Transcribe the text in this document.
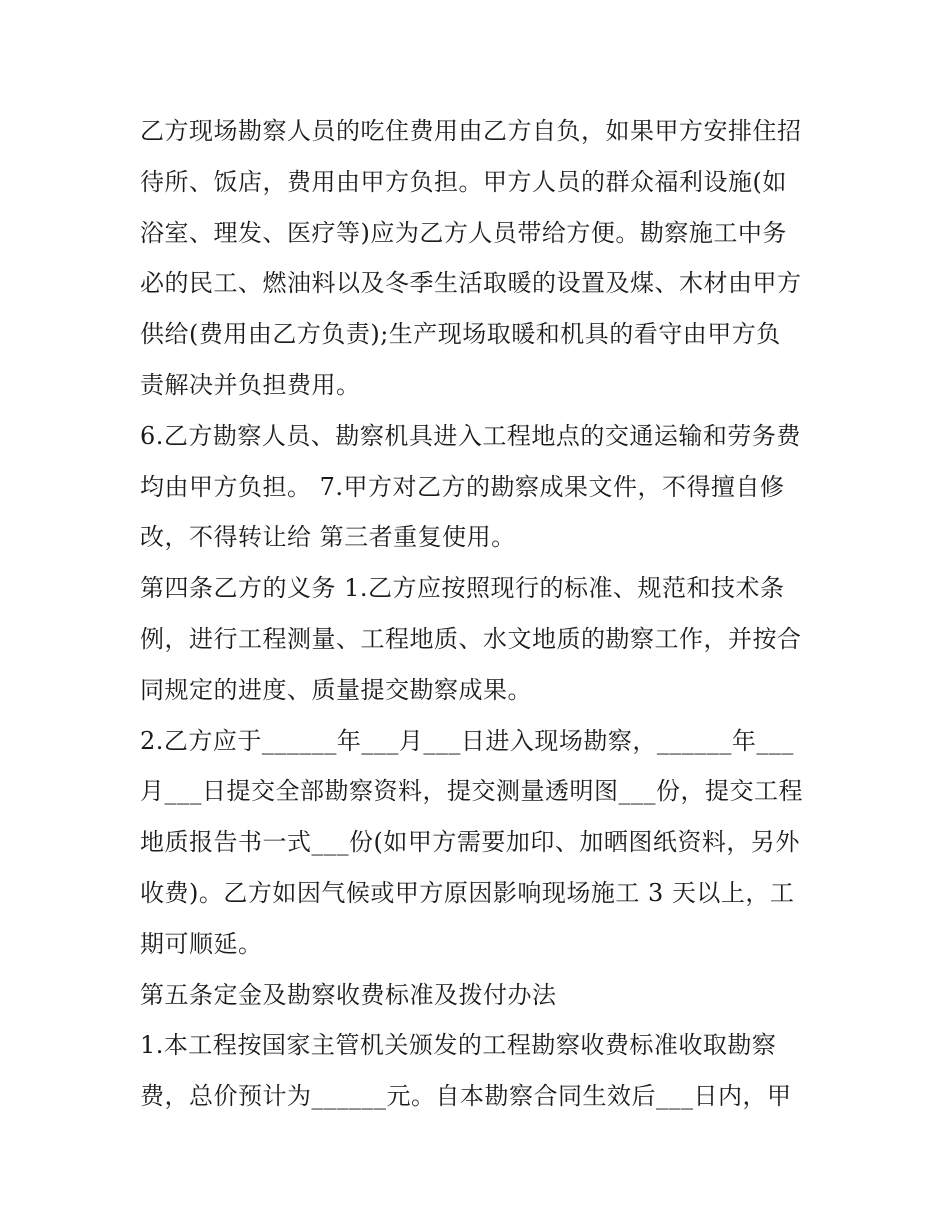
乙方现场勘察人员的吃住费用由乙方自负，如果甲方安排住招
待所、饭店，费用由甲方负担。甲方人员的群众福利设施(如
浴室、理发、医疗等)应为乙方人员带给方便。勘察施工中务
必的民工、燃油料以及冬季生活取暖的设置及煤、木材由甲方
供给(费用由乙方负责);生产现场取暖和机具的看守由甲方负
责解决并负担费用。
6.乙方勘察人员、勘察机具进入工程地点的交通运输和劳务费
均由甲方负担。 7.甲方对乙方的勘察成果文件，不得擅自修
改，不得转让给 第三者重复使用。
第四条乙方的义务 1.乙方应按照现行的标准、规范和技术条
例，进行工程测量、工程地质、水文地质的勘察工作，并按合
同规定的进度、质量提交勘察成果。
2.乙方应于______年___月___日进入现场勘察，______年___
月___日提交全部勘察资料，提交测量透明图___份，提交工程
地质报告书一式___份(如甲方需要加印、加晒图纸资料，另外
收费)。乙方如因气候或甲方原因影响现场施工 3 天以上，工
期可顺延。
第五条定金及勘察收费标准及拨付办法
1.本工程按国家主管机关颁发的工程勘察收费标准收取勘察
费，总价预计为______元。自本勘察合同生效后___日内，甲
